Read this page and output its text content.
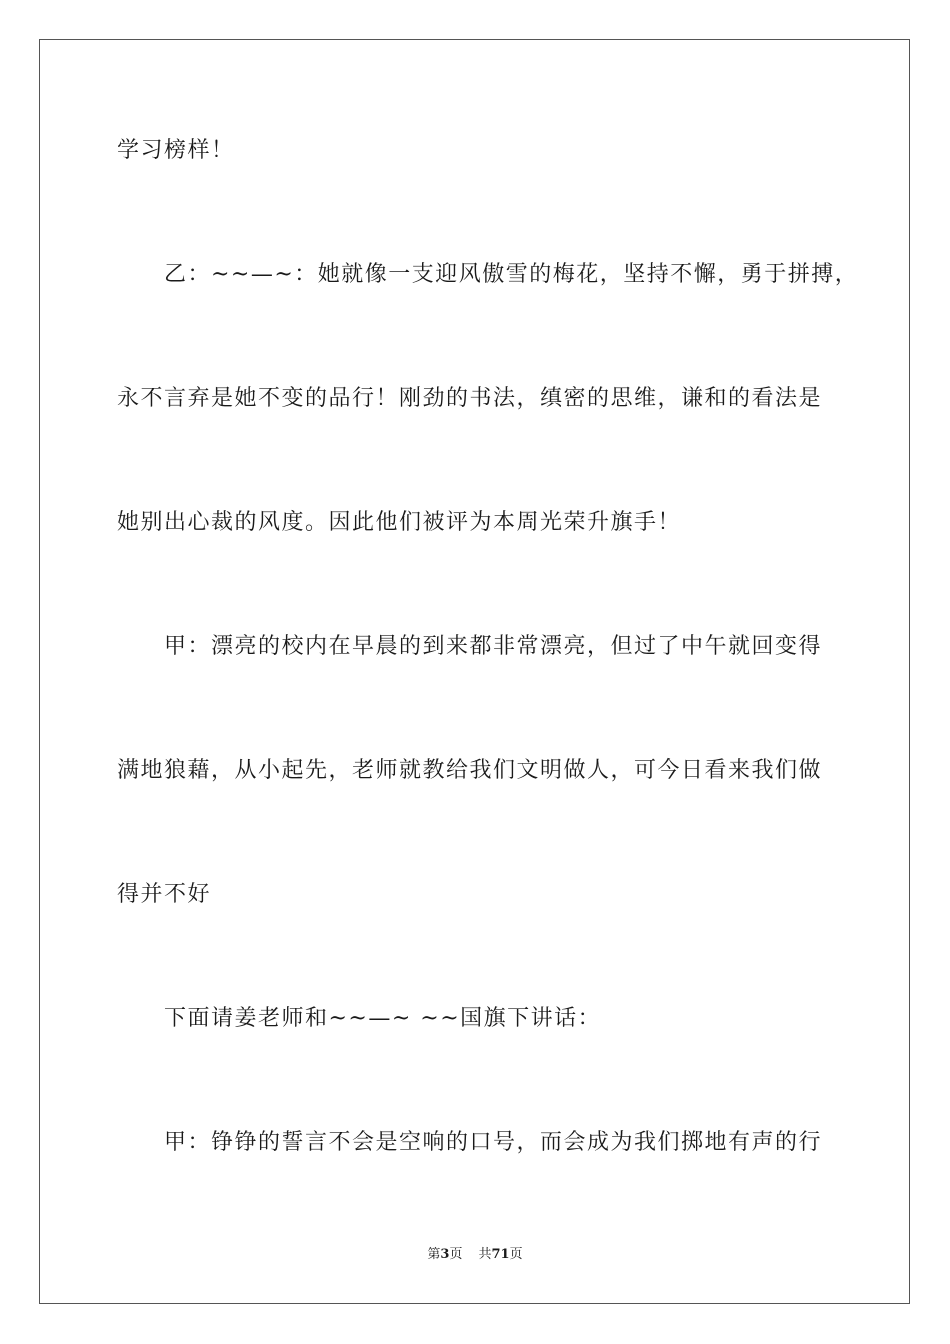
学习榜样！
乙：~~—~：她就像一支迎风傲雪的梅花，坚持不懈，勇于拼搏，
永不言弃是她不变的品行！刚劲的书法，缜密的思维，谦和的看法是
她别出心裁的风度。因此他们被评为本周光荣升旗手！
甲：漂亮的校内在早晨的到来都非常漂亮，但过了中午就回变得
满地狼藉，从小起先，老师就教给我们文明做人，可今日看来我们做
得并不好
下面请姜老师和~~—~ ~~国旗下讲话：
甲：铮铮的誓言不会是空响的口号，而会成为我们掷地有声的行
第3页 共71页
